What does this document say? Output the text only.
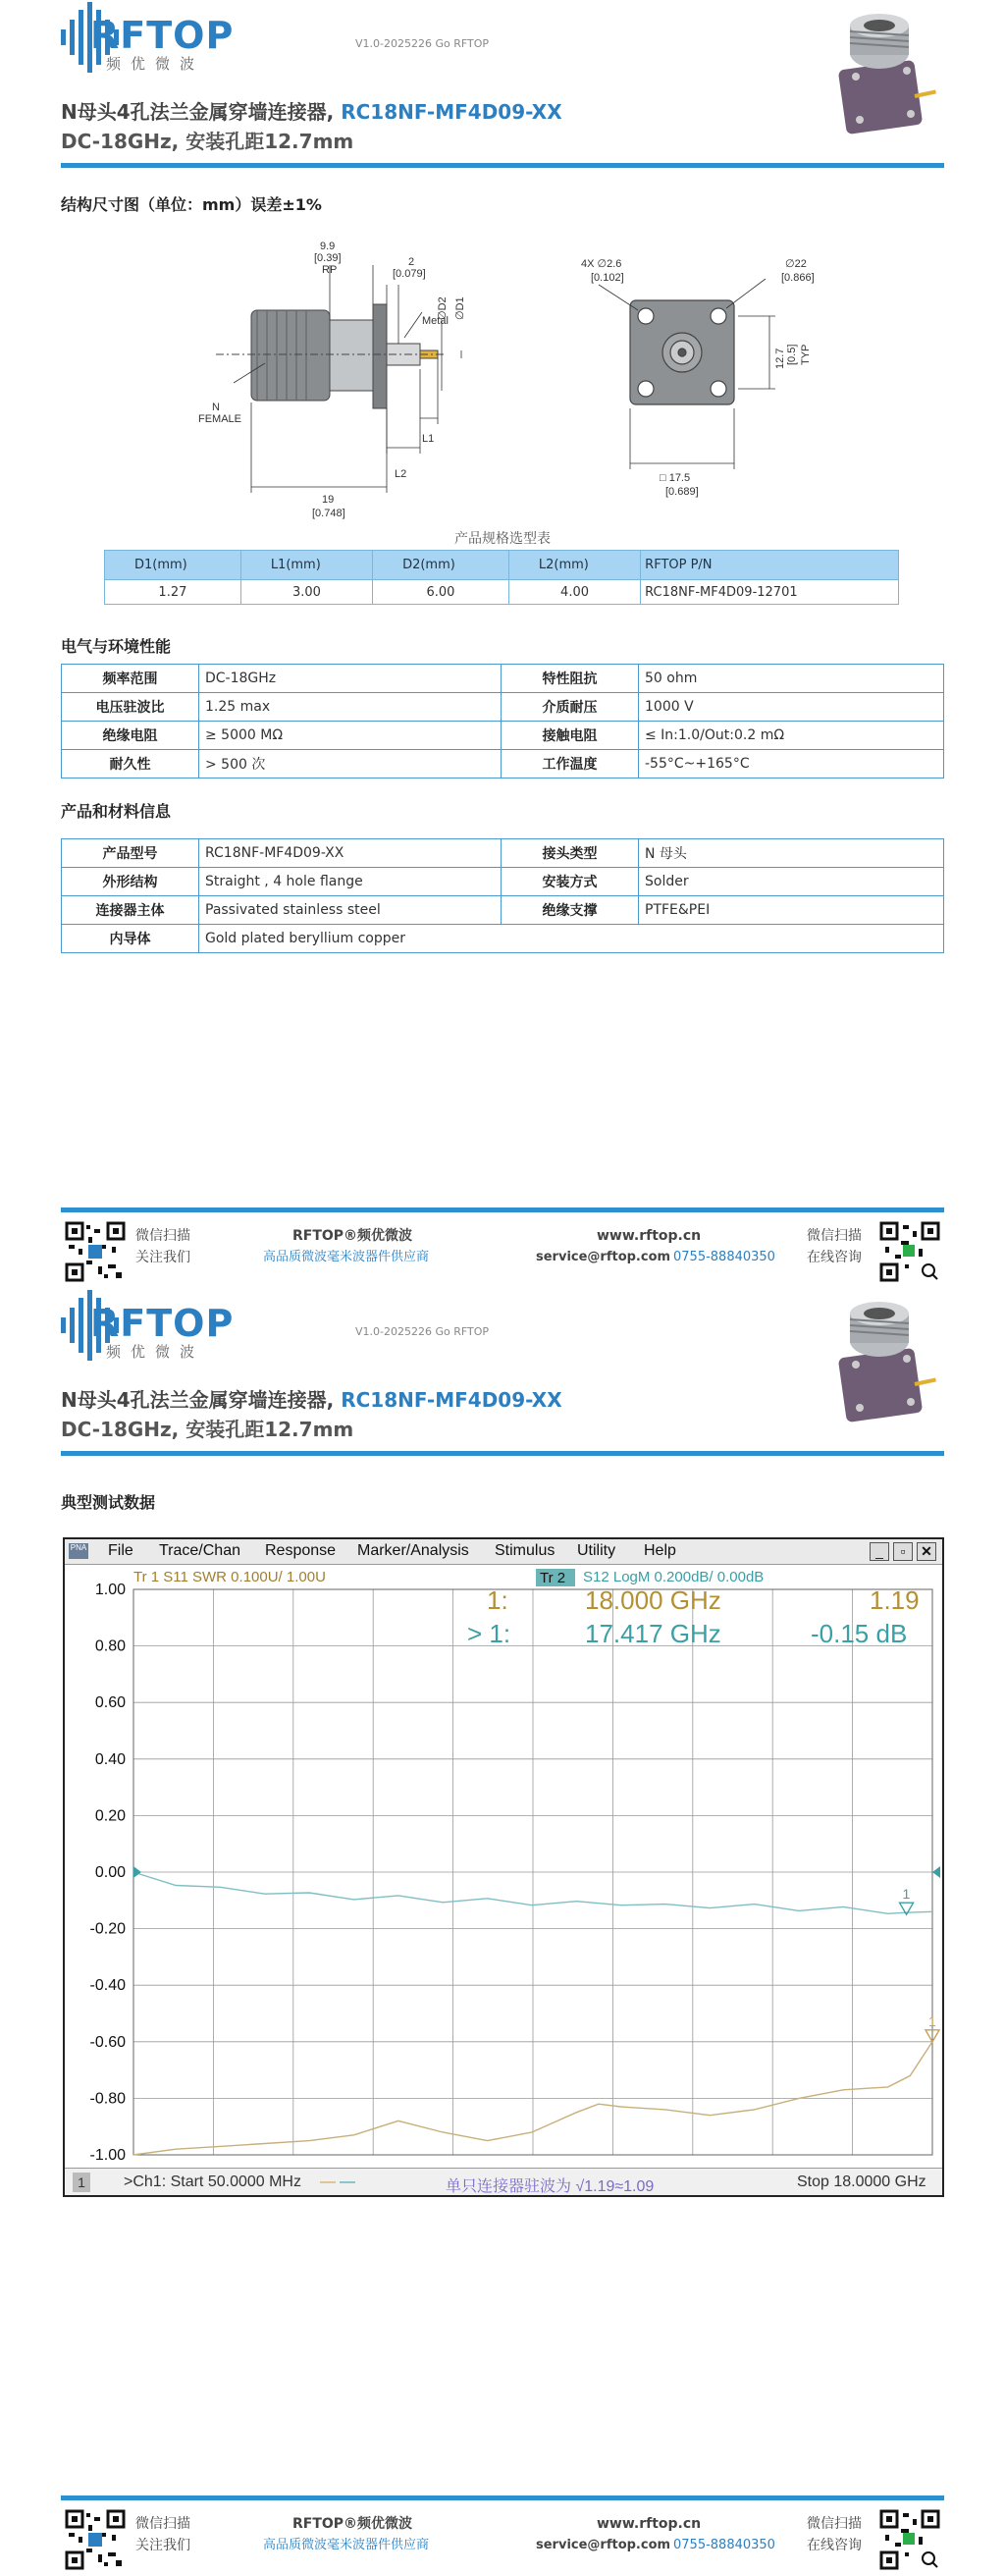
RFTOP
频优微波
V1.0-2025226 Go RFTOP
N母头4孔法兰金属穿墙连接器, RC18NF-MF4D09-XX
DC-18GHz, 安装孔距12.7mm
结构尺寸图（单位：mm）误差±1%
9.9
[0.39]
RP
2
[0.079]
∅D2 ∅D1
Metal
N
FEMALE
L1
L2
19
[0.748]
4X ∅2.6
[0.102]
∅22
[0.866]
12.7 [0.5] TYP
□ 17.5
[0.689]
产品规格选型表
D1(mm)	L1(mm)	D2(mm)	L2(mm)	RFTOP P/N
1.27	3.00	6.00	4.00	RC18NF-MF4D09-12701
电气与环境性能
频率范围	DC-18GHz	特性阻抗	50 ohm
电压驻波比	1.25 max	介质耐压	1000 V
绝缘电阻	≥ 5000 MΩ	接触电阻	≤ In:1.0/Out:0.2 mΩ
耐久性	> 500 次	工作温度	-55°C~+165°C
产品和材料信息
产品型号	RC18NF-MF4D09-XX	接头类型	N 母头
外形结构	Straight , 4 hole flange	安装方式	Solder
连接器主体	Passivated stainless steel	绝缘支撑	PTFE&PEI
内导体	Gold plated beryllium copper		
微信扫描
关注我们
RFTOP®频优微波
高品质微波毫米波器件供应商
www.rftop.cn
service@rftop.com 0755-88840350
微信扫描
在线咨询
RFTOP
频优微波
V1.0-2025226 Go RFTOP
N母头4孔法兰金属穿墙连接器, RC18NF-MF4D09-XX
DC-18GHz, 安装孔距12.7mm
典型测试数据
微信扫描
关注我们
RFTOP®频优微波
高品质微波毫米波器件供应商
www.rftop.cn
service@rftop.com 0755-88840350
微信扫描
在线咨询
PNA File Trace/Chan Response Marker/Analysis Stimulus Utility Help	_	▫	✕
1.00
0.80
0.60
0.40
0.20
0.00
-0.20
-0.40
-0.60
-0.80
-1.00
Tr 1 S11 SWR 0.100U/ 1.00U	Tr 2 S12 LogM 0.200dB/ 0.00dB
1:	18.000 GHz	1.19
> 1:	17.417 GHz	-0.15 dB
1
1
1	>Ch1: Start 50.0000 MHz — —	单只连接器驻波为 √1.19≈1.09	Stop 18.0000 GHz
